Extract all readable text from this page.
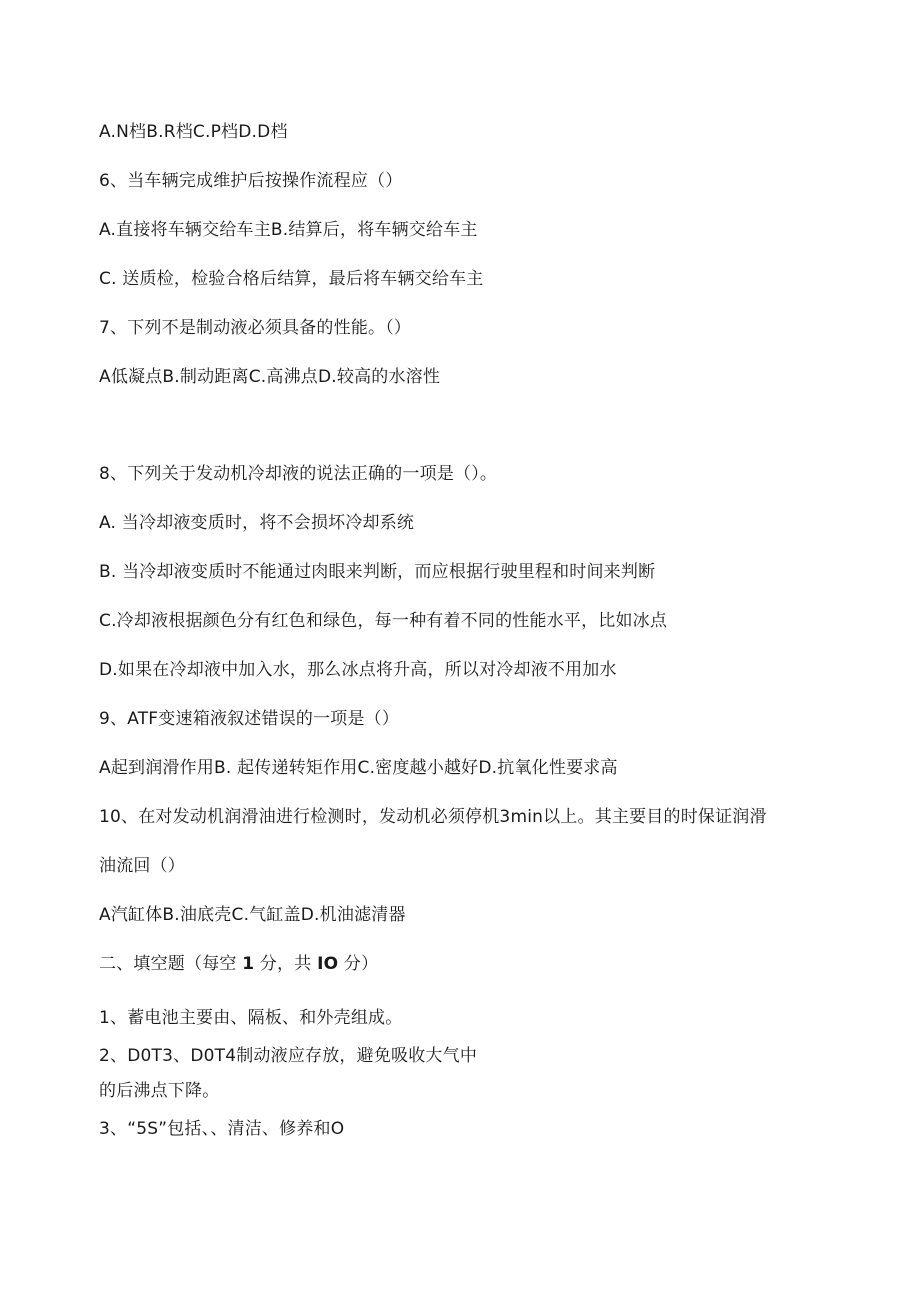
A.N档B.R档C.P档D.D档
6、当车辆完成维护后按操作流程应（）
A.直接将车辆交给车主B.结算后，将车辆交给车主
C. 送质检，检验合格后结算，最后将车辆交给车主
7、下列不是制动液必须具备的性能。（）
A低凝点B.制动距离C.高沸点D.较高的水溶性
8、下列关于发动机冷却液的说法正确的一项是（）。
A. 当冷却液变质时，将不会损坏冷却系统
B. 当冷却液变质时不能通过肉眼来判断，而应根据行驶里程和时间来判断
C.冷却液根据颜色分有红色和绿色，每一种有着不同的性能水平，比如冰点
D.如果在冷却液中加入水，那么冰点将升高，所以对冷却液不用加水
9、ATF变速箱液叙述错误的一项是（）
A起到润滑作用B. 起传递转矩作用C.密度越小越好D.抗氧化性要求高
10、在对发动机润滑油进行检测时，发动机必须停机3min以上。其主要目的时保证润滑
油流回（）
A汽缸体B.油底壳C.气缸盖D.机油滤清器
二、填空题（每空 1 分，共 IO 分）
1、蓄电池主要由、隔板、和外壳组成。
2、D0T3、D0T4制动液应存放，避免吸收大气中
的后沸点下降。
3、“5S”包括、、清洁、修养和O
